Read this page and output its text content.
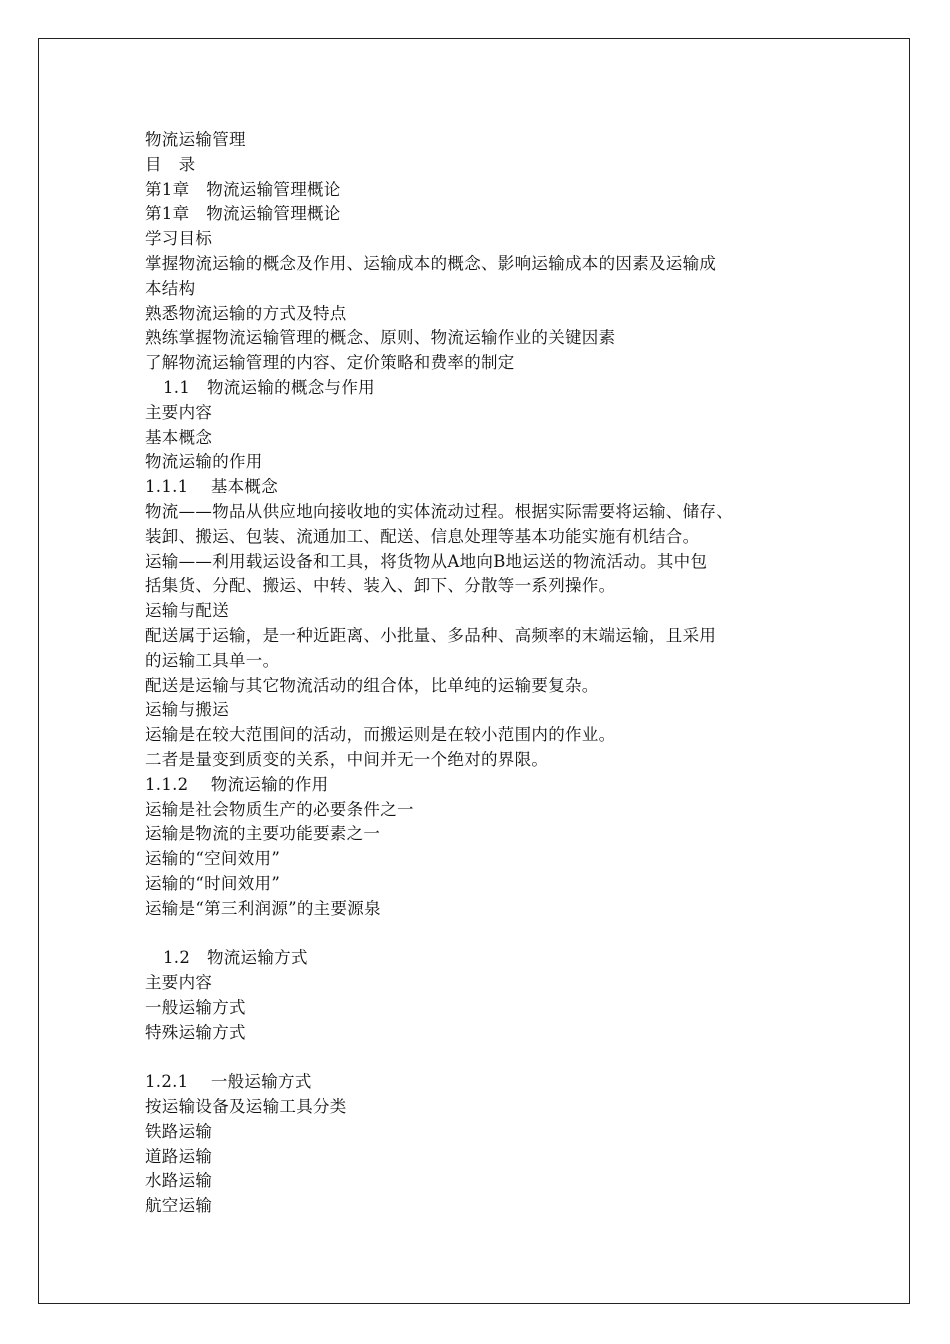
物流运输管理
目　录
第1章　物流运输管理概论
第1章　物流运输管理概论
学习目标
掌握物流运输的概念及作用、运输成本的概念、影响运输成本的因素及运输成
本结构
熟悉物流运输的方式及特点
熟练掌握物流运输管理的概念、原则、物流运输作业的关键因素
了解物流运输管理的内容、定价策略和费率的制定
1.1　物流运输的概念与作用
主要内容
基本概念
物流运输的作用
1.1.1　 基本概念
物流——物品从供应地向接收地的实体流动过程。根据实际需要将运输、储存、
装卸、搬运、包装、流通加工、配送、信息处理等基本功能实施有机结合。
运输——利用载运设备和工具，将货物从A地向B地运送的物流活动。其中包
括集货、分配、搬运、中转、装入、卸下、分散等一系列操作。
运输与配送
配送属于运输，是一种近距离、小批量、多品种、高频率的末端运输，且采用
的运输工具单一。
配送是运输与其它物流活动的组合体，比单纯的运输要复杂。
运输与搬运
运输是在较大范围间的活动，而搬运则是在较小范围内的作业。
二者是量变到质变的关系，中间并无一个绝对的界限。
1.1.2　 物流运输的作用
运输是社会物质生产的必要条件之一
运输是物流的主要功能要素之一
运输的“空间效用”
运输的“时间效用”
运输是“第三利润源”的主要源泉
1.2　物流运输方式
主要内容
一般运输方式
特殊运输方式
1.2.1　 一般运输方式
按运输设备及运输工具分类
铁路运输
道路运输
水路运输
航空运输
